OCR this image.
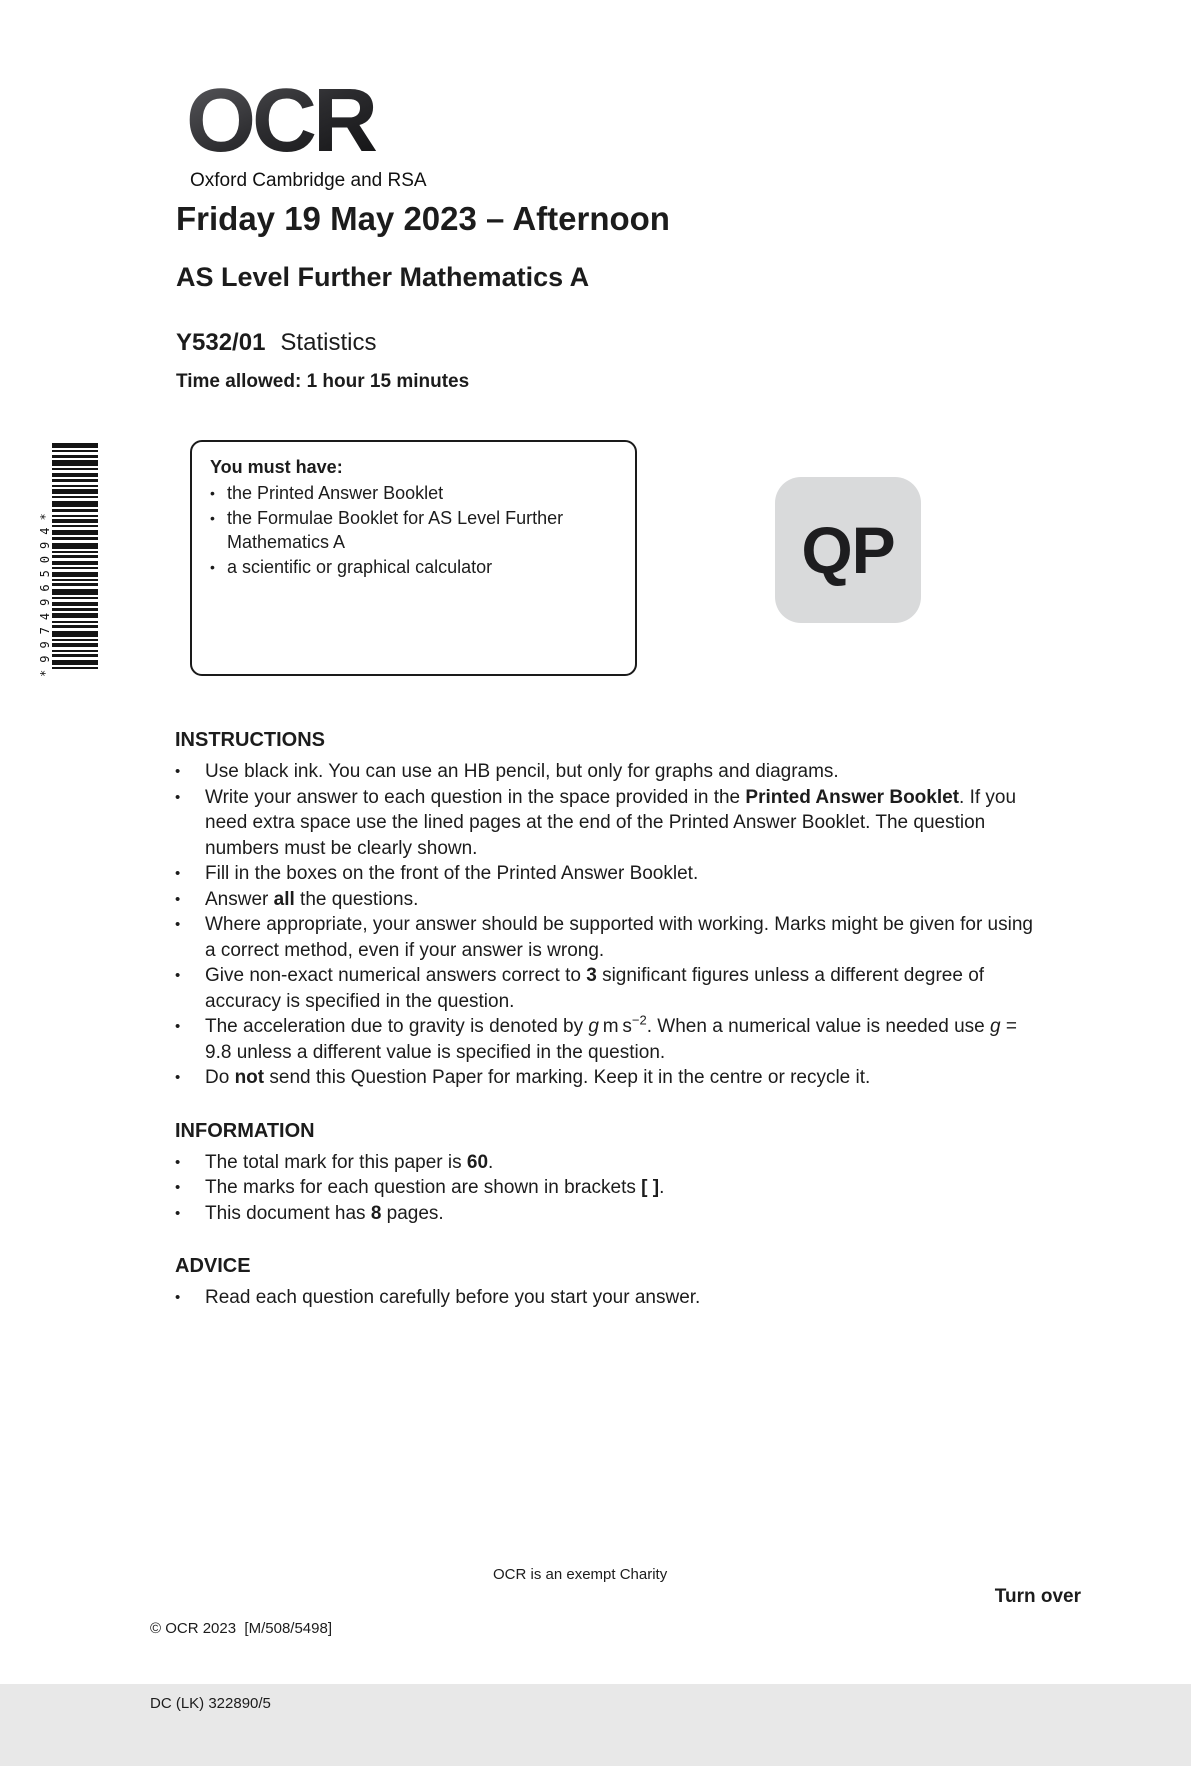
OCR
Oxford Cambridge and RSA
Friday 19 May 2023 – Afternoon
AS Level Further Mathematics A
Y532/01 Statistics
Time allowed: 1 hour 15 minutes
*9974965094*
You must have:
• the Printed Answer Booklet
• the Formulae Booklet for AS Level Further Mathematics A
• a scientific or graphical calculator	QP
INSTRUCTIONS
•	Use black ink. You can use an HB pencil, but only for graphs and diagrams.
•	Write your answer to each question in the space provided in the Printed Answer Booklet. If you need extra space use the lined pages at the end of the Printed Answer Booklet. The question numbers must be clearly shown.
•	Fill in the boxes on the front of the Printed Answer Booklet.
•	Answer all the questions.
•	Where appropriate, your answer should be supported with working. Marks might be given for using a correct method, even if your answer is wrong.
•	Give non-exact numerical answers correct to 3 significant figures unless a different degree of accuracy is specified in the question.
•	The acceleration due to gravity is denoted by g m $s^{-2}$. When a numerical value is needed use g = 9.8 unless a different value is specified in the question.
•	Do not send this Question Paper for marking. Keep it in the centre or recycle it.
INFORMATION
•	The total mark for this paper is 60.
•	The marks for each question are shown in brackets [ ].
•	This document has 8 pages.
ADVICE
•	Read each question carefully before you start your answer.

© OCR 2023  [M/508/5498]

DC (LK) 322890/5

OCR is an exempt Charity
Turn over
